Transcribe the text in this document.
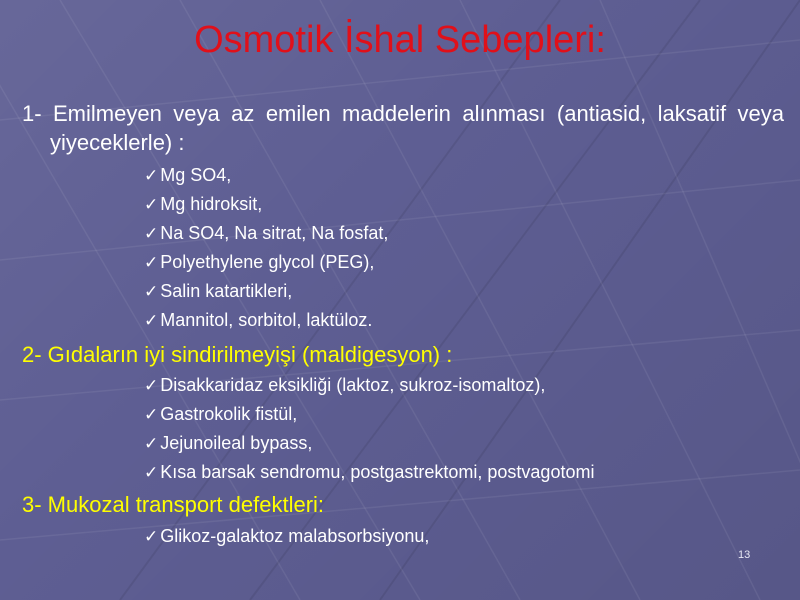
Osmotik İshal Sebepleri:
1- Emilmeyen veya az emilen maddelerin alınması (antiasid, laksatif veya yiyeceklerle) :
✓ Mg SO4,
✓ Mg hidroksit,
✓ Na SO4, Na sitrat, Na fosfat,
✓ Polyethylene glycol (PEG),
✓ Salin katartikleri,
✓ Mannitol, sorbitol, laktüloz.
2- Gıdaların iyi sindirilmeyişi (maldigesyon) :
✓ Disakkaridaz eksikliği (laktoz, sukroz-isomaltoz),
✓ Gastrokolik fistül,
✓ Jejunoileal bypass,
✓ Kısa barsak sendromu, postgastrektomi, postvagotomi
3- Mukozal transport defektleri:
✓ Glikoz-galaktoz malabsorbsiyonu,
13
